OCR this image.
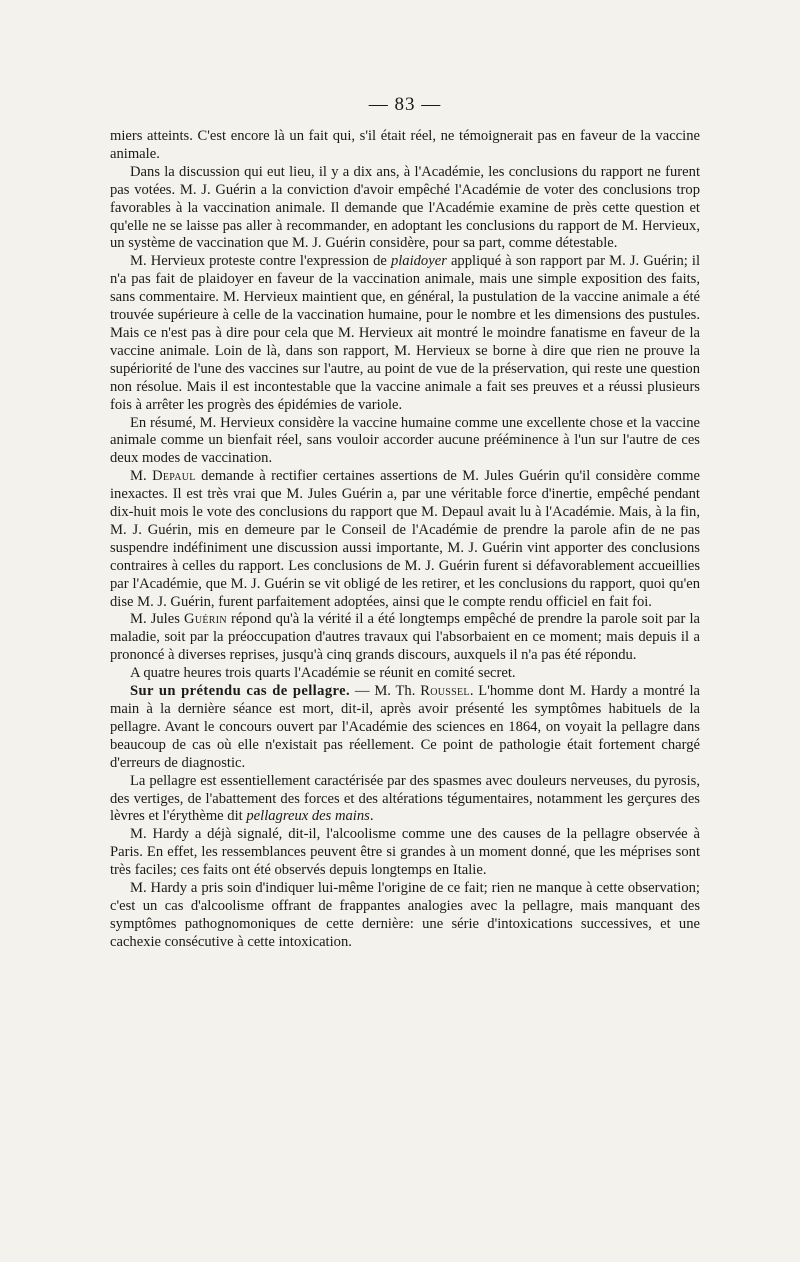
— 83 —

miers atteints. C'est encore là un fait qui, s'il était réel, ne témoignerait pas en faveur de la vaccine animale.

Dans la discussion qui eut lieu, il y a dix ans, à l'Académie, les conclusions du rapport ne furent pas votées. M. J. Guérin a la conviction d'avoir empêché l'Académie de voter des conclusions trop favorables à la vaccination animale. Il demande que l'Académie examine de près cette question et qu'elle ne se laisse pas aller à recommander, en adoptant les conclusions du rapport de M. Hervieux, un système de vaccination que M. J. Guérin considère, pour sa part, comme détestable.

M. Hervieux proteste contre l'expression de plaidoyer appliqué à son rapport par M. J. Guérin; il n'a pas fait de plaidoyer en faveur de la vaccination animale, mais une simple exposition des faits, sans commentaire. M. Hervieux maintient que, en général, la pustulation de la vaccine animale a été trouvée supérieure à celle de la vaccination humaine, pour le nombre et les dimensions des pustules. Mais ce n'est pas à dire pour cela que M. Hervieux ait montré le moindre fanatisme en faveur de la vaccine animale. Loin de là, dans son rapport, M. Hervieux se borne à dire que rien ne prouve la supériorité de l'une des vaccines sur l'autre, au point de vue de la préservation, qui reste une question non résolue. Mais il est incontestable que la vaccine animale a fait ses preuves et a réussi plusieurs fois à arrêter les progrès des épidémies de variole.

En résumé, M. Hervieux considère la vaccine humaine comme une excellente chose et la vaccine animale comme un bienfait réel, sans vouloir accorder aucune prééminence à l'un sur l'autre de ces deux modes de vaccination.

M. Depaul demande à rectifier certaines assertions de M. Jules Guérin qu'il considère comme inexactes. Il est très vrai que M. Jules Guérin a, par une véritable force d'inertie, empêché pendant dix-huit mois le vote des conclusions du rapport que M. Depaul avait lu à l'Académie. Mais, à la fin, M. J. Guérin, mis en demeure par le Conseil de l'Académie de prendre la parole afin de ne pas suspendre indéfiniment une discussion aussi importante, M. J. Guérin vint apporter des conclusions contraires à celles du rapport. Les conclusions de M. J. Guérin furent si défavorablement accueillies par l'Académie, que M. J. Guérin se vit obligé de les retirer, et les conclusions du rapport, quoi qu'en dise M. J. Guérin, furent parfaitement adoptées, ainsi que le compte rendu officiel en fait foi.

M. Jules Guérin répond qu'à la vérité il a été longtemps empêché de prendre la parole soit par la maladie, soit par la préoccupation d'autres travaux qui l'absorbaient en ce moment; mais depuis il a prononcé à diverses reprises, jusqu'à cinq grands discours, auxquels il n'a pas été répondu.

A quatre heures trois quarts l'Académie se réunit en comité secret.

Sur un prétendu cas de pellagre. — M. Th. Roussel. L'homme dont M. Hardy a montré la main à la dernière séance est mort, dit-il, après avoir présenté les symptômes habituels de la pellagre. Avant le concours ouvert par l'Académie des sciences en 1864, on voyait la pellagre dans beaucoup de cas où elle n'existait pas réellement. Ce point de pathologie était fortement chargé d'erreurs de diagnostic.

La pellagre est essentiellement caractérisée par des spasmes avec douleurs nerveuses, du pyrosis, des vertiges, de l'abattement des forces et des altérations tégumentaires, notamment les gerçures des lèvres et l'érythème dit pellagreux des mains.

M. Hardy a déjà signalé, dit-il, l'alcoolisme comme une des causes de la pellagre observée à Paris. En effet, les ressemblances peuvent être si grandes à un moment donné, que les méprises sont très faciles; ces faits ont été observés depuis longtemps en Italie.

M. Hardy a pris soin d'indiquer lui-même l'origine de ce fait; rien ne manque à cette observation; c'est un cas d'alcoolisme offrant de frappantes analogies avec la pellagre, mais manquant des symptômes pathognomoniques de cette dernière: une série d'intoxications successives, et une cachexie consécutive à cette intoxication.
